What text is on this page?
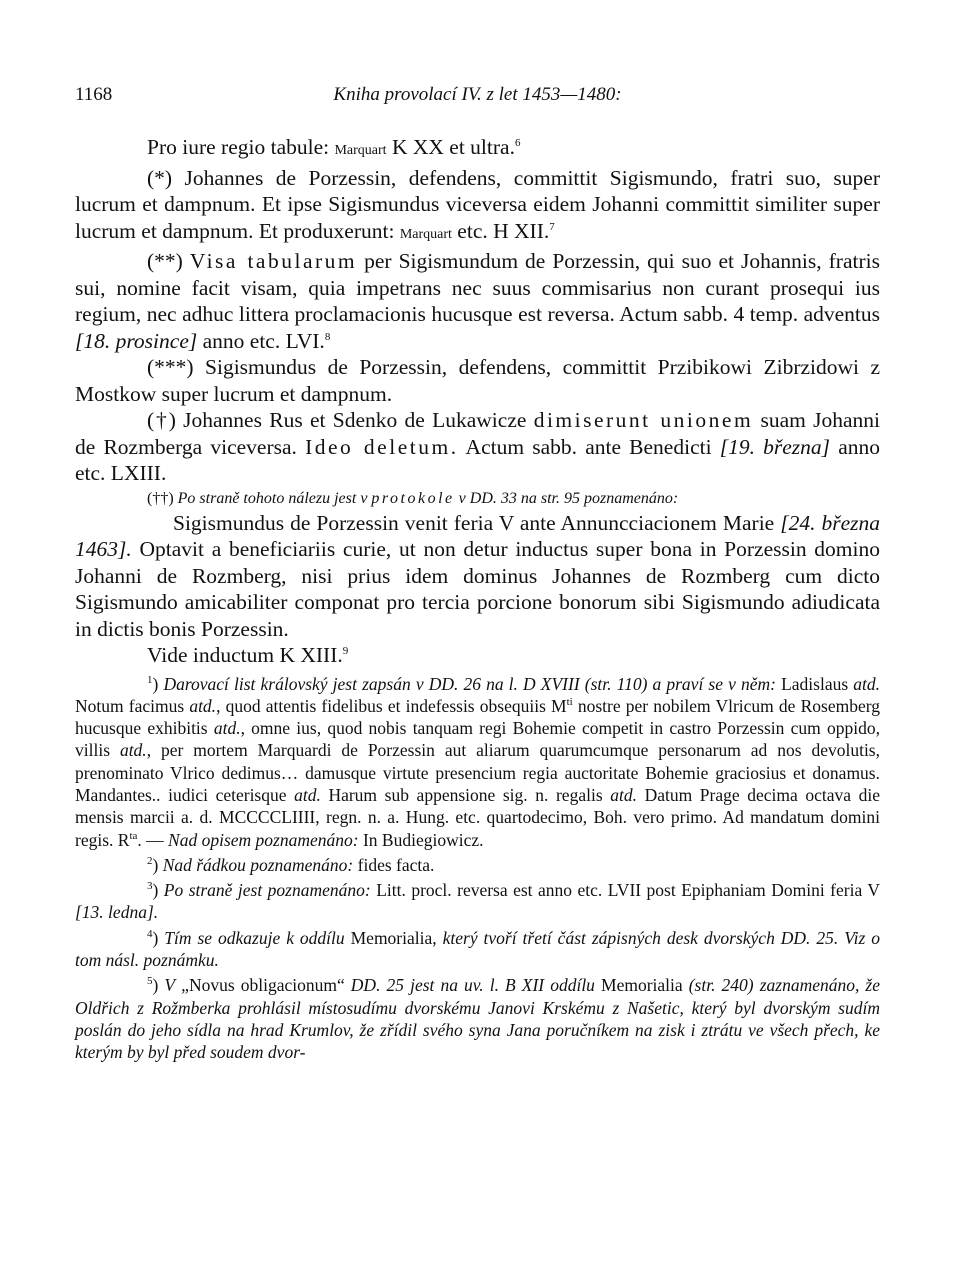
1168	Kniha provolací IV. z let 1453—1480:

Pro iure regio tabule: Marquart K XX et ultra.$^6$

(*) Johannes de Porzessin, defendens, committit Sigismundo, fratri suo, super lucrum et dampnum. Et ipse Sigismundus viceversa eidem Johanni committit similiter super lucrum et dampnum. Et produxerunt: Marquart etc. H XII.$^7$

(**) Visa tabularum per Sigismundum de Porzessin, qui suo et Johannis, fratris sui, nomine facit visam, quia impetrans nec suus commisarius non curant prosequi ius regium, nec adhuc littera proclamacionis hucusque est reversa. Actum sabb. 4 temp. adventus [18. prosince] anno etc. LVI.$^8$

(***) Sigismundus de Porzessin, defendens, committit Przibikowi Zibrzidowi z Mostkow super lucrum et dampnum.

(†) Johannes Rus et Sdenko de Lukawicze dimiserunt unionem suam Johanni de Rozmberga viceversa. Ideo deletum. Actum sabb. ante Benedicti [19. března] anno etc. LXIII.

(††) Po straně tohoto nálezu jest v protokole v DD. 33 na str. 95 poznamenáno:

Sigismundus de Porzessin venit feria V ante Annuncciacionem Marie [24. března 1463]. Optavit a beneficiariis curie, ut non detur inductus super bona in Porzessin domino Johanni de Rozmberg, nisi prius idem dominus Johannes de Rozmberg cum dicto Sigismundo amicabiliter componat pro tercia porcione bonorum sibi Sigismundo adiudicata in dictis bonis Porzessin.

Vide inductum K XIII.$^9$

$^1$) Darovací list královský jest zapsán v DD. 26 na l. D XVIII (str. 110) a praví se v něm: Ladislaus atd. Notum facimus atd., quod attentis fidelibus et indefessis obsequiis $M^{ti}$ nostre per nobilem Vlricum de Rosemberg hucusque exhibitis atd., omne ius, quod nobis tanquam regi Bohemie competit in castro Porzessin cum oppido, villis atd., per mortem Marquardi de Porzessin aut aliarum quarumcumque personarum ad nos devolutis, prenominato Vlrico dedimus… damusque virtute presencium regia auctoritate Bohemie graciosius et donamus. Mandantes.. iudici ceterisque atd. Harum sub appensione sig. n. regalis atd. Datum Prage decima octava die mensis marcii a. d. MCCCCLIIII, regn. n. a. Hung. etc. quartodecimo, Boh. vero primo. Ad mandatum domini regis. $R^{ta}$. — Nad opisem poznamenáno: In Budiegiowicz.

$^2$) Nad řádkou poznamenáno: fides facta.

$^3$) Po straně jest poznamenáno: Litt. procl. reversa est anno etc. LVII post Epiphaniam Domini feria V [13. ledna].

$^4$) Tím se odkazuje k oddílu Memorialia, který tvoří třetí část zápisných desk dvorských DD. 25. Viz o tom násl. poznámku.

$^5$) V „Novus obligacionum“ DD. 25 jest na uv. l. B XII oddílu Memorialia (str. 240) zaznamenáno, že Oldřich z Rožmberka prohlásil místosudímu dvorskému Janovi Krskému z Našetic, který byl dvorským sudím poslán do jeho sídla na hrad Krumlov, že zřídil svého syna Jana poručníkem na zisk i ztrátu ve všech přech, ke kterým by byl před soudem dvor-
